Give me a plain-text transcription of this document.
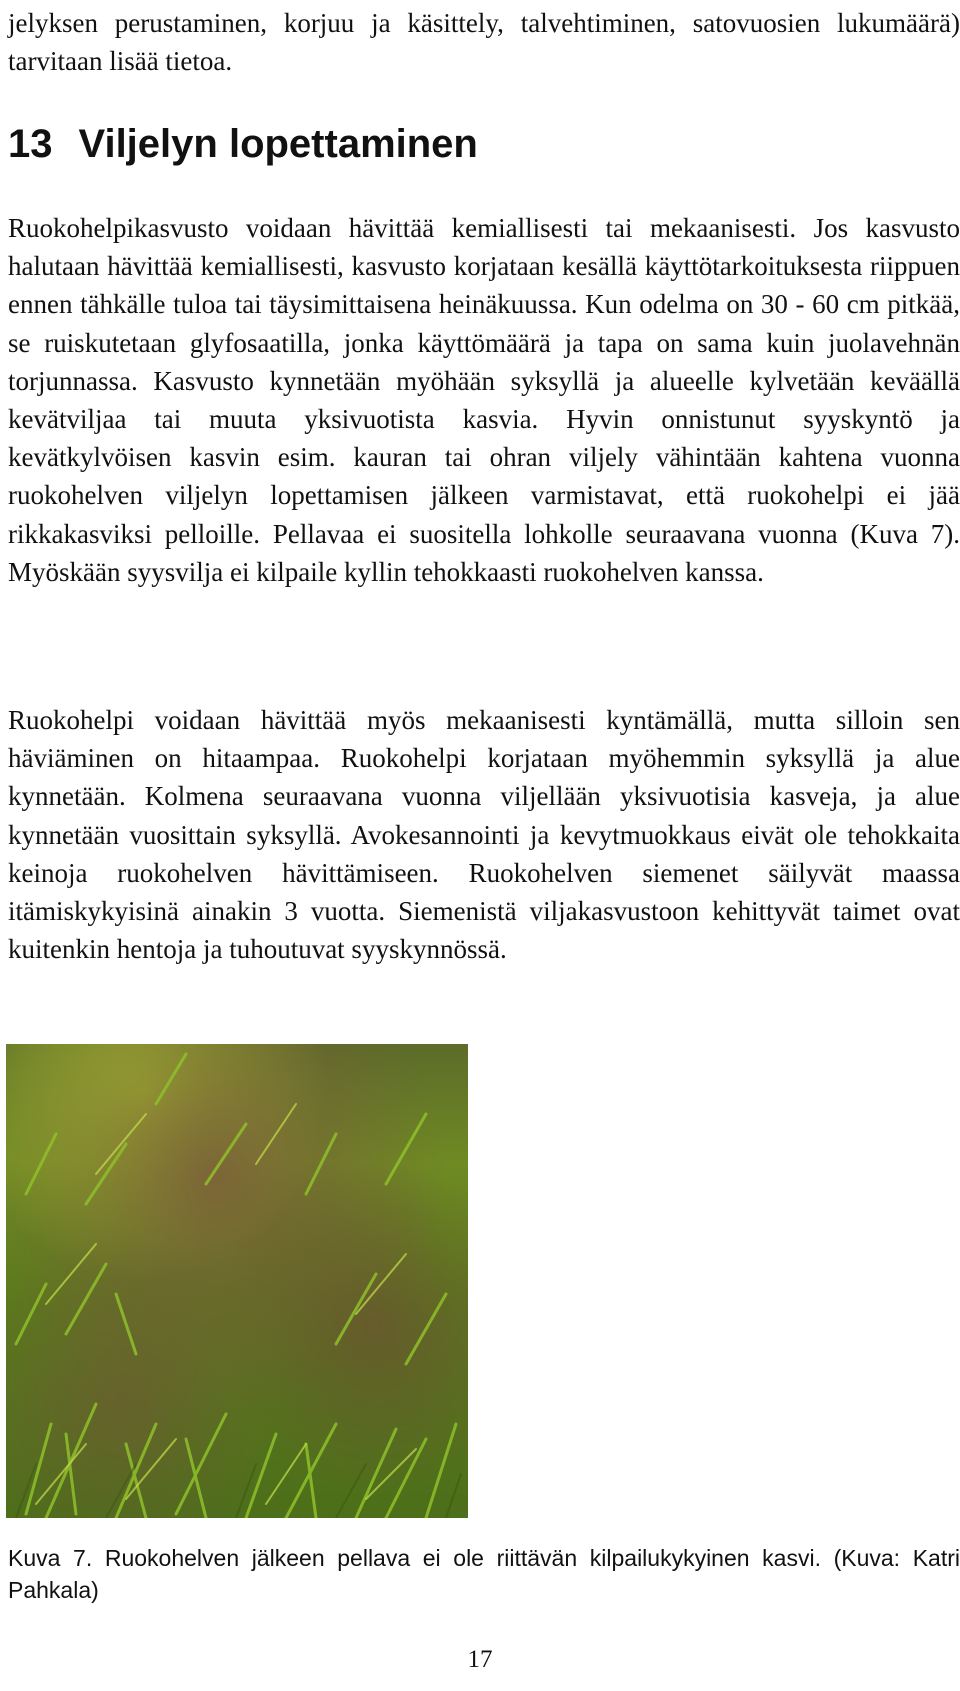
jelyksen perustaminen, korjuu ja käsittely, talvehtiminen, satovuosien lukumäärä) tarvitaan lisää tietoa.

13 Viljelyn lopettaminen

Ruokohelpikasvusto voidaan hävittää kemiallisesti tai mekaanisesti. Jos kasvusto halutaan hävittää kemiallisesti, kasvusto korjataan kesällä käyttötarkoituksesta riippuen ennen tähkälle tuloa tai täysimittaisena heinäkuussa. Kun odelma on 30 - 60 cm pitkää, se ruiskutetaan glyfosaatilla, jonka käyttömäärä ja tapa on sama kuin juolavehnän torjunnassa. Kasvusto kynnetään myöhään syksyllä ja alueelle kylvetään keväällä kevätviljaa tai muuta yksivuotista kasvia. Hyvin onnistunut syyskyntö ja kevätkylvöisen kasvin esim. kauran tai ohran viljely vähintään kahtena vuonna ruokohelven viljelyn lopettamisen jälkeen varmistavat, että ruokohelpi ei jää rikkakasviksi pelloille. Pellavaa ei suositella lohkolle seuraavana vuonna (Kuva 7). Myöskään syysvilja ei kilpaile kyllin tehokkaasti ruokohelven kanssa.

Ruokohelpi voidaan hävittää myös mekaanisesti kyntämällä, mutta silloin sen häviäminen on hitaampaa. Ruokohelpi korjataan myöhemmin syksyllä ja alue kynnetään. Kolmena seuraavana vuonna viljellään yksivuotisia kasveja, ja alue kynnetään vuosittain syksyllä. Avokesannointi ja kevytmuokkaus eivät ole tehokkaita keinoja ruokohelven hävittämiseen. Ruokohelven siemenet säilyvät maassa itämiskykyisinä ainakin 3 vuotta. Siemenistä viljakasvustoon kehittyvät taimet ovat kuitenkin hentoja ja tuhoutuvat syyskynnössä.

Kuva 7. Ruokohelven jälkeen pellava ei ole riittävän kilpailukykyinen kasvi. (Kuva: Katri Pahkala)

17
